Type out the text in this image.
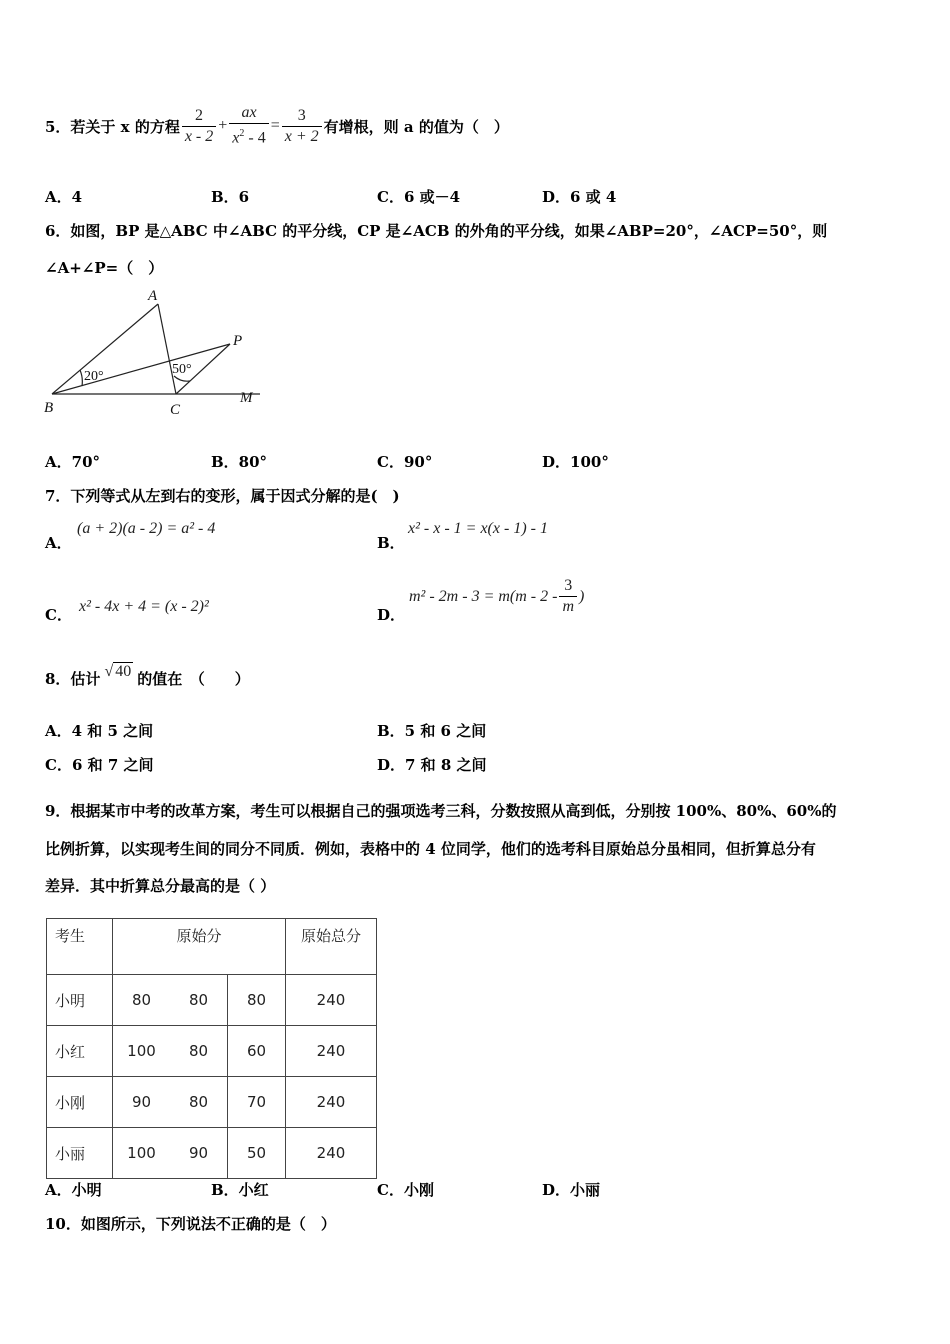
5．若关于 x 的方程 $\frac{2}{x - 2} + \frac{ax}{x^2 - 4} = \frac{3}{x + 2}$ 有增根，则 a 的值为（　）
A．4	B．6	C．6 或－4	D．6 或 4
6．如图，BP 是△ABC 中∠ABC 的平分线，CP 是∠ACB 的外角的平分线，如果∠ABP=20°，∠ACP=50°，则
∠A+∠P=（　）
A
B	C
P
M
20°	50°
A．70°	B．80°	C．90°	D．100°
7．下列等式从左到右的变形，属于因式分解的是(　)
A．
(a + 2)(a - 2) = a² - 4
B．
x² - x - 1 = x(x - 1) - 1
C． x² - 4x + 4 = (x - 2)²	D．
$m^2 - 2m - 3 = m(m - 2 - \frac{3}{m}$ )
8．估计 √ 40 的值在　（　　）
A．4 和 5 之间	B．5 和 6 之间
C．6 和 7 之间	D．7 和 8 之间
9．根据某市中考的改革方案，考生可以根据自己的强项选考三科，分数按照从高到低，分别按 100%、80%、60%的
比例折算，以实现考生间的同分不同质．例如，表格中的 4 位同学，他们的选考科目原始总分虽相同，但折算总分有
差异．其中折算总分最高的是（ ）
考生	原始分			原始总分
小明	80	80	80	240
小红	100	80	60	240
小刚	90	80	70	240
小丽	100	90	50	240
A．小明	B．小红	C．小刚	D．小丽
10．如图所示，下列说法不正确的是（　）
